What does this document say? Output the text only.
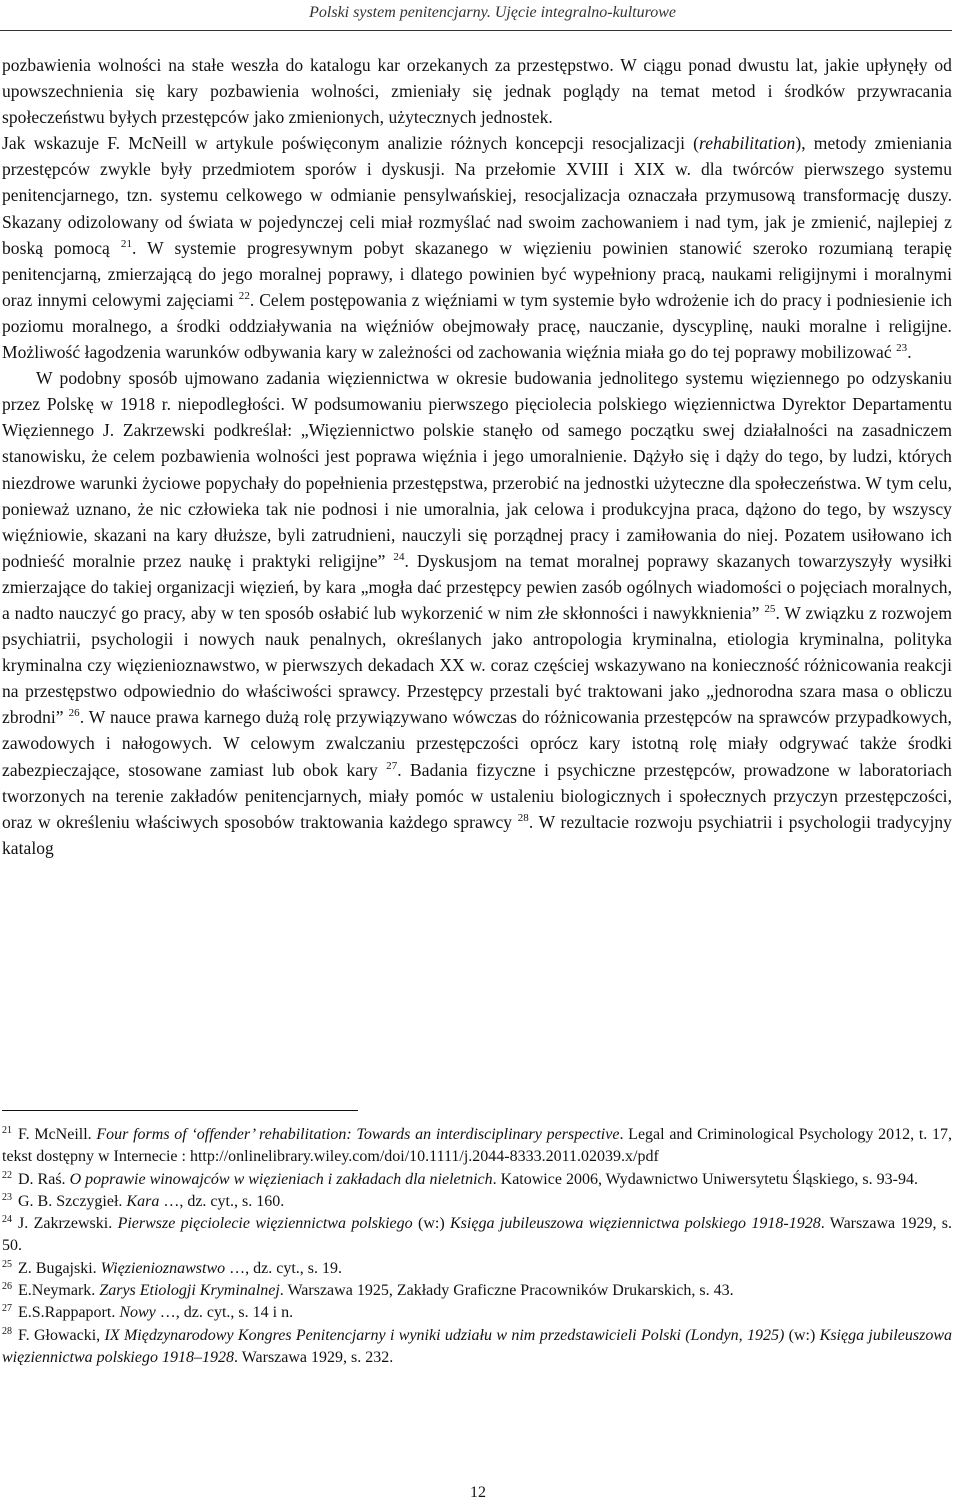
Polski system penitencjarny. Ujęcie integralno-kulturowe

pozbawienia wolności na stałe weszła do katalogu kar orzekanych za przestępstwo. W ciągu ponad dwustu lat, jakie upłynęły od upowszechnienia się kary pozbawienia wolności, zmieniały się jednak poglądy na temat metod i środków przywracania społeczeństwu byłych przestępców jako zmienionych, użytecznych jednostek.

Jak wskazuje F. McNeill w artykule poświęconym analizie różnych koncepcji resocjalizacji (rehabilitation), metody zmieniania przestępców zwykle były przedmiotem sporów i dyskusji. Na przełomie XVIII i XIX w. dla twórców pierwszego systemu penitencjarnego, tzn. systemu celkowego w odmianie pensylwańskiej, resocjalizacja oznaczała przymusową transformację duszy. Skazany odizolowany od świata w pojedynczej celi miał rozmyślać nad swoim zachowaniem i nad tym, jak je zmienić, najlepiej z boską pomocą $^{21}$. W systemie progresywnym pobyt skazanego w więzieniu powinien stanowić szeroko rozumianą terapię penitencjarną, zmierzającą do jego moralnej poprawy, i dlatego powinien być wypełniony pracą, naukami religijnymi i moralnymi oraz innymi celowymi zajęciami $^{22}$. Celem postępowania z więźniami w tym systemie było wdrożenie ich do pracy i podniesienie ich poziomu moralnego, a środki oddziaływania na więźniów obejmowały pracę, nauczanie, dyscyplinę, nauki moralne i religijne. Możliwość łagodzenia warunków odbywania kary w zależności od zachowania więźnia miała go do tej poprawy mobilizować $^{23}$.

W podobny sposób ujmowano zadania więziennictwa w okresie budowania jednolitego systemu więziennego po odzyskaniu przez Polskę w 1918 r. niepodległości. W podsumowaniu pierwszego pięciolecia polskiego więziennictwa Dyrektor Departamentu Więziennego J. Zakrzewski podkreślał: „Więziennictwo polskie stanęło od samego początku swej działalności na zasadniczem stanowisku, że celem pozbawienia wolności jest poprawa więźnia i jego umoralnienie. Dążyło się i dąży do tego, by ludzi, których niezdrowe warunki życiowe popychały do popełnienia przestępstwa, przerobić na jednostki użyteczne dla społeczeństwa. W tym celu, ponieważ uznano, że nic człowieka tak nie podnosi i nie umoralnia, jak celowa i produkcyjna praca, dążono do tego, by wszyscy więźniowie, skazani na kary dłuższe, byli zatrudnieni, nauczyli się porządnej pracy i zamiłowania do niej. Pozatem usiłowano ich podnieść moralnie przez naukę i praktyki religijne” $^{24}$. Dyskusjom na temat moralnej poprawy skazanych towarzyszyły wysiłki zmierzające do takiej organizacji więzień, by kara „mogła dać przestępcy pewien zasób ogólnych wiadomości o pojęciach moralnych, a nadto nauczyć go pracy, aby w ten sposób osłabić lub wykorzenić w nim złe skłonności i nawykknienia” $^{25}$. W związku z rozwojem psychiatrii, psychologii i nowych nauk penalnych, określanych jako antropologia kryminalna, etiologia kryminalna, polityka kryminalna czy więzienioznawstwo, w pierwszych dekadach XX w. coraz częściej wskazywano na konieczność różnicowania reakcji na przestępstwo odpowiednio do właściwości sprawcy. Przestępcy przestali być traktowani jako „jednorodna szara masa o obliczu zbrodni” $^{26}$. W nauce prawa karnego dużą rolę przywiązywano wówczas do różnicowania przestępców na sprawców przypadkowych, zawodowych i nałogowych. W celowym zwalczaniu przestępczości oprócz kary istotną rolę miały odgrywać także środki zabezpieczające, stosowane zamiast lub obok kary $^{27}$. Badania fizyczne i psychiczne przestępców, prowadzone w laboratoriach tworzonych na terenie zakładów penitencjarnych, miały pomóc w ustaleniu biologicznych i społecznych przyczyn przestępczości, oraz w określeniu właściwych sposobów traktowania każdego sprawcy $^{28}$. W rezultacie rozwoju psychiatrii i psychologii tradycyjny katalog

$^{21}$ F. McNeill. Four forms of ‘offender’ rehabilitation: Towards an interdisciplinary perspective. Legal and Criminological Psychology 2012, t. 17, tekst dostępny w Internecie : http://onlinelibrary.wiley.com/doi/10.1111/j.2044-8333.2011.02039.x/pdf

$^{22}$ D. Raś. O poprawie winowajców w więzieniach i zakładach dla nieletnich. Katowice 2006, Wydawnictwo Uniwersytetu Śląskiego, s. 93-94.

$^{23}$ G. B. Szczygieł. Kara …, dz. cyt., s. 160.

$^{24}$ J. Zakrzewski. Pierwsze pięciolecie więziennictwa polskiego (w:) Księga jubileuszowa więziennictwa polskiego 1918-1928. Warszawa 1929, s. 50.

$^{25}$ Z. Bugajski. Więzienioznawstwo …, dz. cyt., s. 19.

$^{26}$ E.Neymark. Zarys Etiologji Kryminalnej. Warszawa 1925, Zakłady Graficzne Pracowników Drukarskich, s. 43.

$^{27}$ E.S.Rappaport. Nowy …, dz. cyt., s. 14 i n.

$^{28}$ F. Głowacki, IX Międzynarodowy Kongres Penitencjarny i wyniki udziału w nim przedstawicieli Polski (Londyn, 1925) (w:) Księga jubileuszowa więziennictwa polskiego 1918–1928. Warszawa 1929, s. 232.

12
